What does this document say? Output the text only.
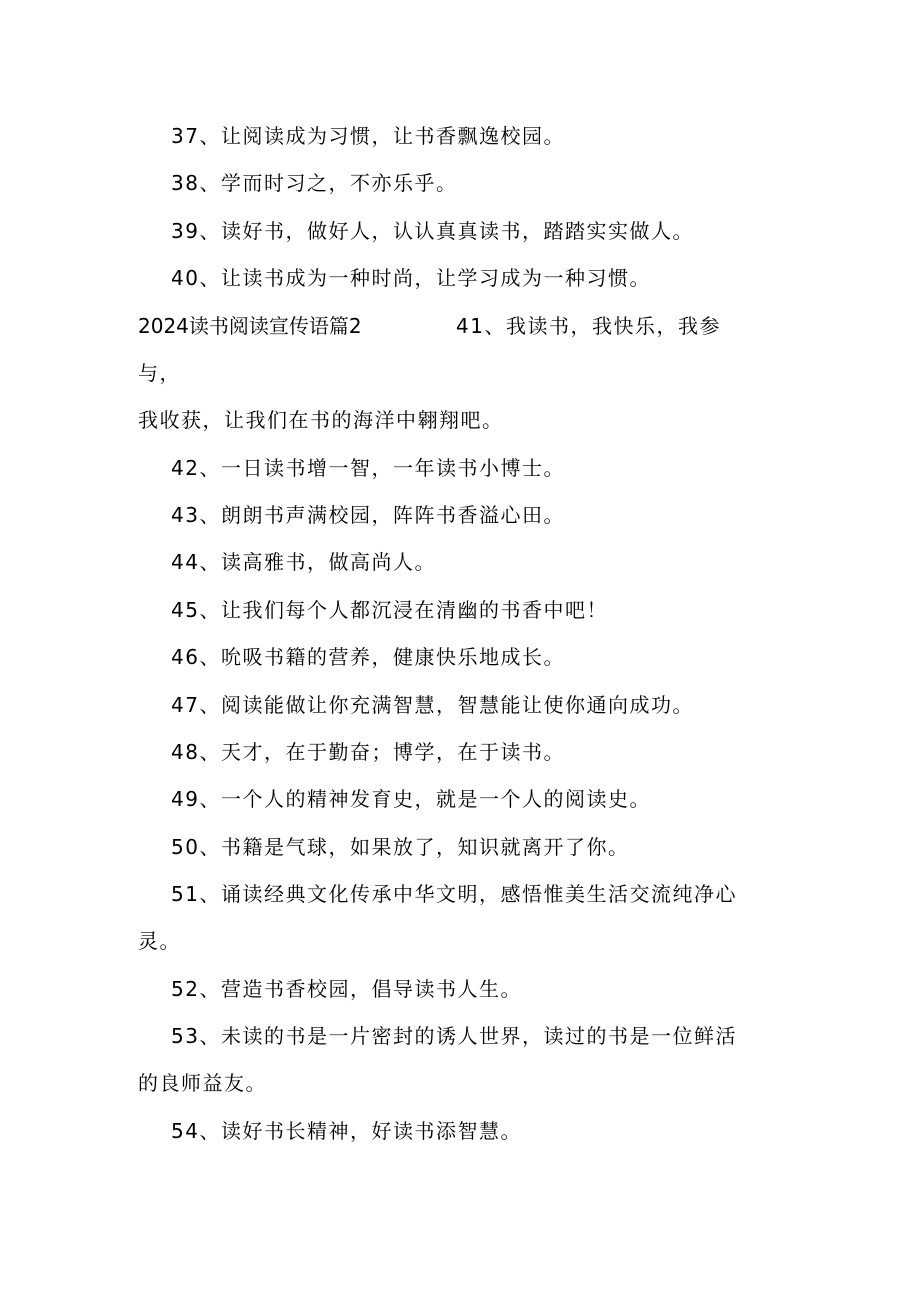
37、让阅读成为习惯，让书香飘逸校园。
38、学而时习之，不亦乐乎。
39、读好书，做好人，认认真真读书，踏踏实实做人。
40、让读书成为一种时尚，让学习成为一种习惯。
2024读书阅读宣传语篇2	41、我读书，我快乐，我参
与，
我收获，让我们在书的海洋中翱翔吧。
42、一日读书增一智，一年读书小博士。
43、朗朗书声满校园，阵阵书香溢心田。
44、读高雅书，做高尚人。
45、让我们每个人都沉浸在清幽的书香中吧！
46、吮吸书籍的营养，健康快乐地成长。
47、阅读能做让你充满智慧，智慧能让使你通向成功。
48、天才，在于勤奋；博学，在于读书。
49、一个人的精神发育史，就是一个人的阅读史。
50、书籍是气球，如果放了，知识就离开了你。
51、诵读经典文化传承中华文明，感悟惟美生活交流纯净心
灵。
52、营造书香校园，倡导读书人生。
53、未读的书是一片密封的诱人世界，读过的书是一位鲜活
的良师益友。
54、读好书长精神，好读书添智慧。
